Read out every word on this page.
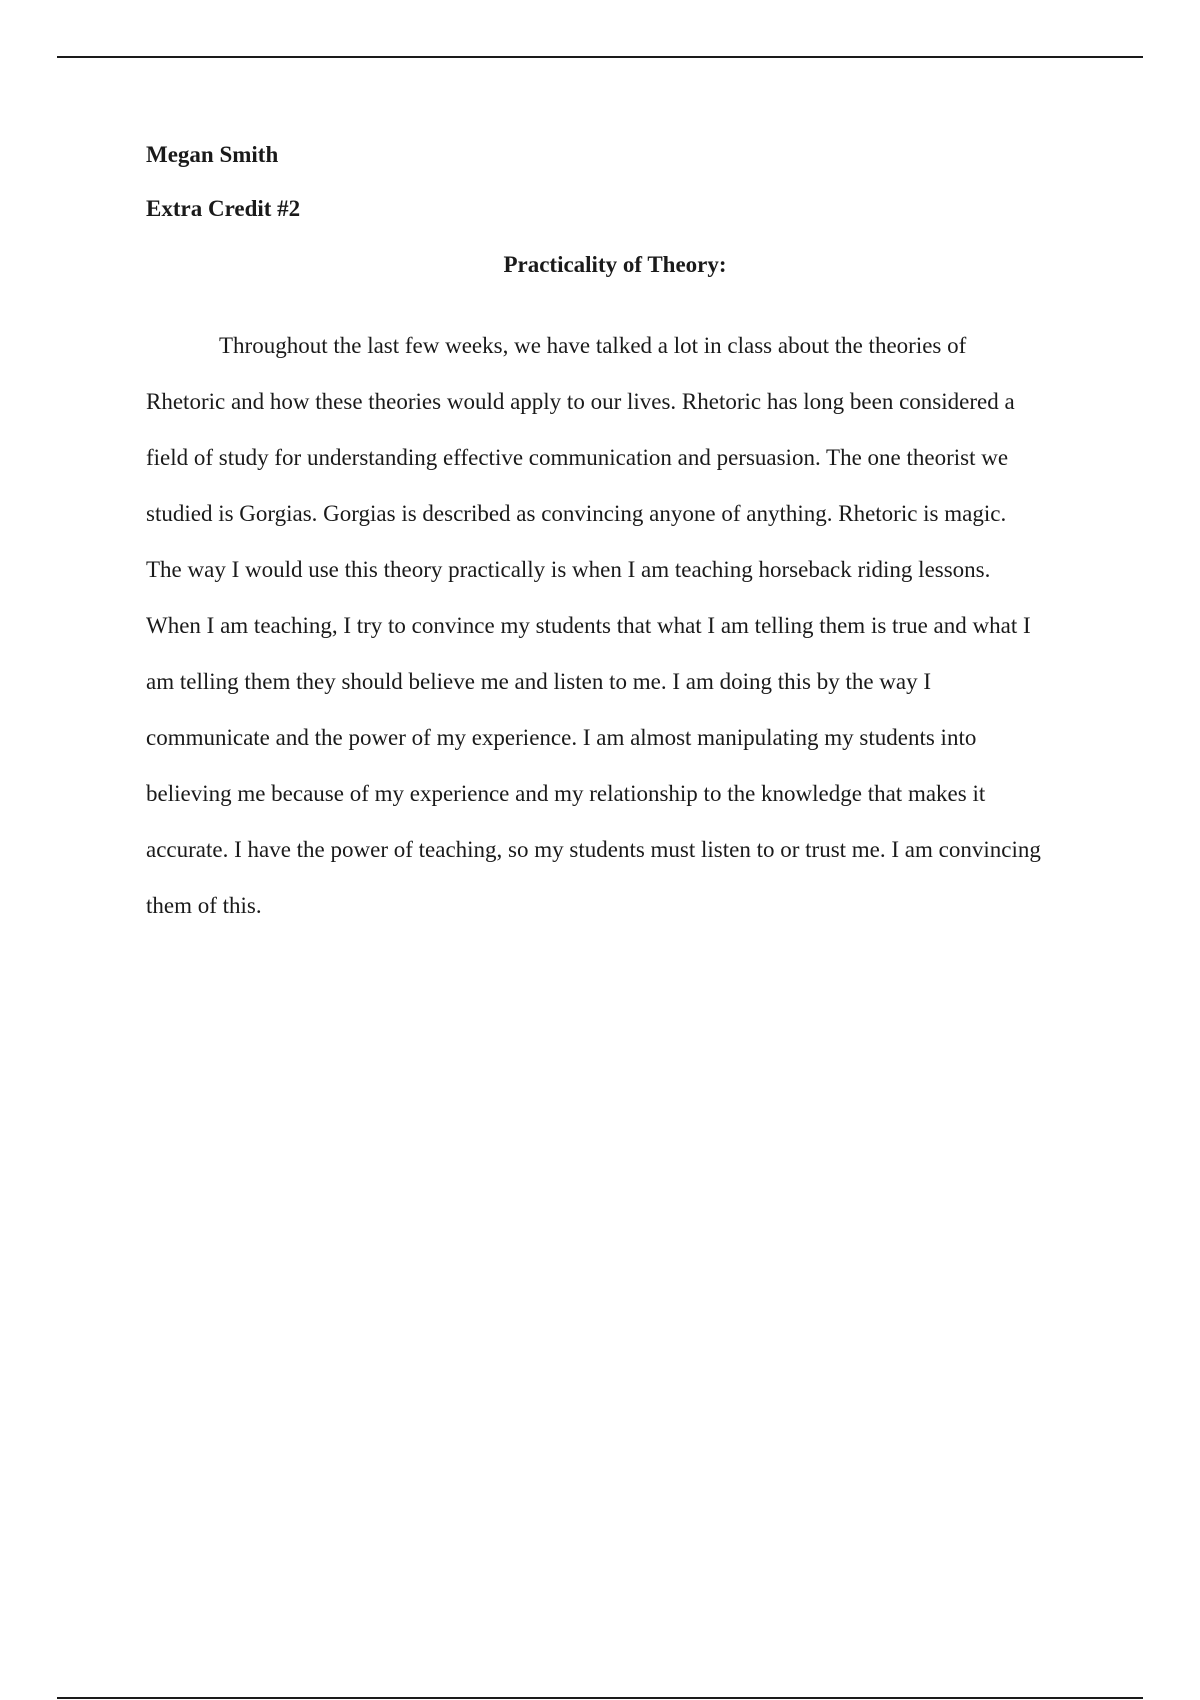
Megan Smith

Extra Credit #2

Practicality of Theory:

Throughout the last few weeks, we have talked a lot in class about the theories of
Rhetoric and how these theories would apply to our lives. Rhetoric has long been considered a
field of study for understanding effective communication and persuasion. The one theorist we
studied is Gorgias. Gorgias is described as convincing anyone of anything. Rhetoric is magic.
The way I would use this theory practically is when I am teaching horseback riding lessons.
When I am teaching, I try to convince my students that what I am telling them is true and what I
am telling them they should believe me and listen to me. I am doing this by the way I
communicate and the power of my experience. I am almost manipulating my students into
believing me because of my experience and my relationship to the knowledge that makes it
accurate. I have the power of teaching, so my students must listen to or trust me. I am convincing
them of this.
